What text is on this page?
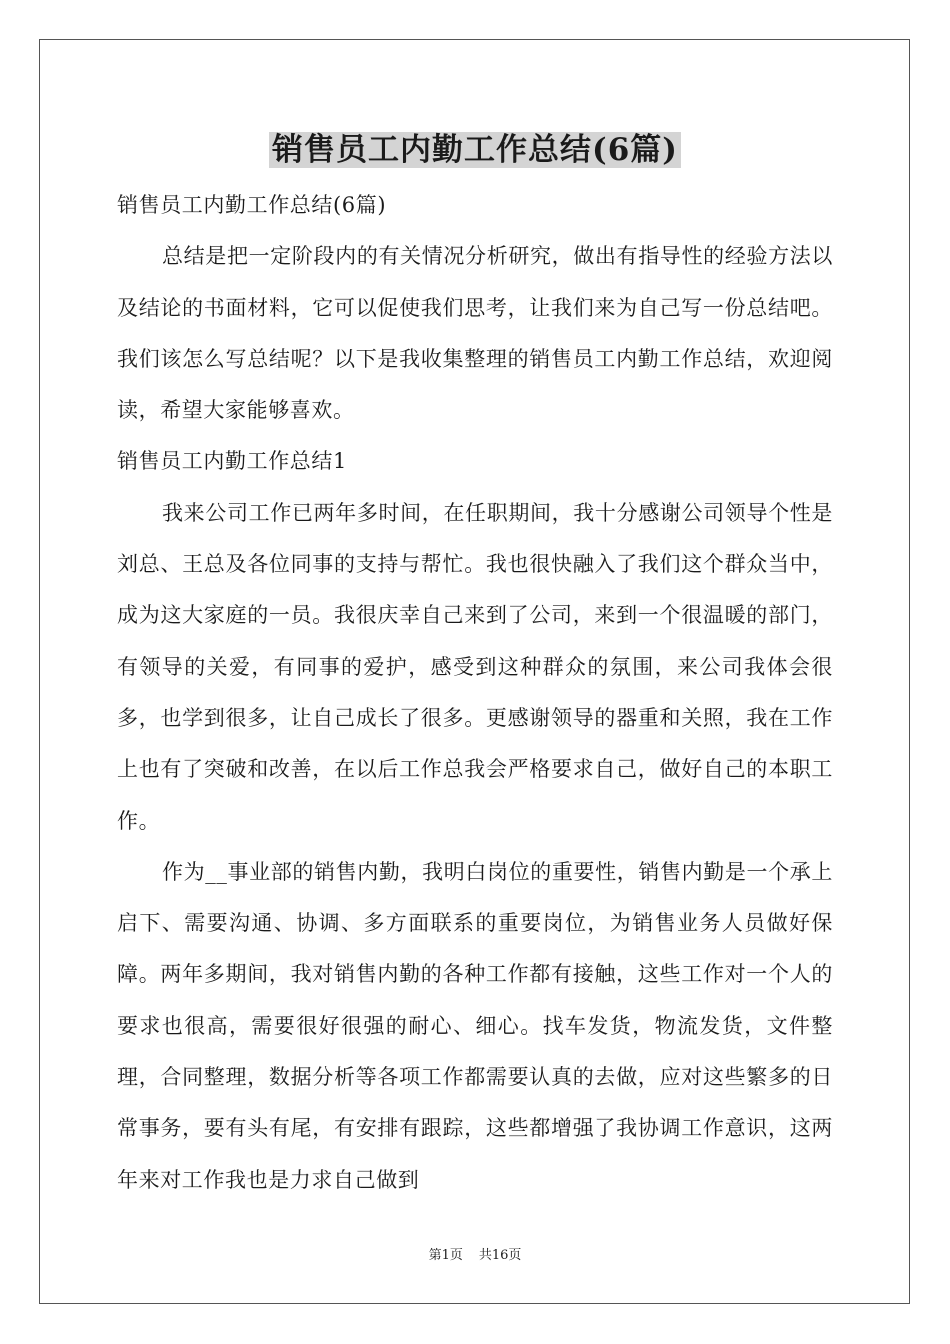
销售员工内勤工作总结(6篇)

销售员工内勤工作总结(6篇)

总结是把一定阶段内的有关情况分析研究，做出有指导性的经验方法以及结论的书面材料，它可以促使我们思考，让我们来为自己写一份总结吧。我们该怎么写总结呢？以下是我收集整理的销售员工内勤工作总结，欢迎阅读，希望大家能够喜欢。

销售员工内勤工作总结1

我来公司工作已两年多时间，在任职期间，我十分感谢公司领导个性是刘总、王总及各位同事的支持与帮忙。我也很快融入了我们这个群众当中，成为这大家庭的一员。我很庆幸自己来到了公司，来到一个很温暖的部门，有领导的关爱，有同事的爱护，感受到这种群众的氛围，来公司我体会很多，也学到很多，让自己成长了很多。更感谢领导的器重和关照，我在工作上也有了突破和改善，在以后工作总我会严格要求自己，做好自己的本职工作。

作为__事业部的销售内勤，我明白岗位的重要性，销售内勤是一个承上启下、需要沟通、协调、多方面联系的重要岗位，为销售业务人员做好保障。两年多期间，我对销售内勤的各种工作都有接触，这些工作对一个人的要求也很高，需要很好很强的耐心、细心。找车发货，物流发货，文件整理，合同整理，数据分析等各项工作都需要认真的去做，应对这些繁多的日常事务，要有头有尾，有安排有跟踪，这些都增强了我协调工作意识，这两年来对工作我也是力求自己做到

第1页 共16页
